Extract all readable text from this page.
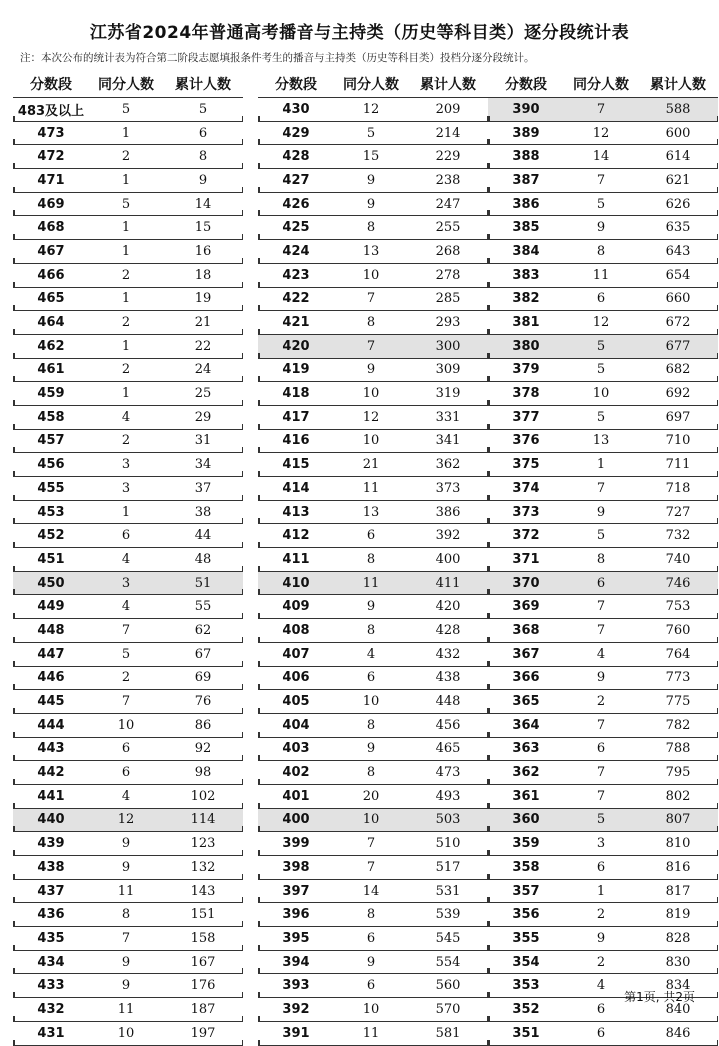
江苏省2024年普通高考播音与主持类（历史等科目类）逐分段统计表
注：本次公布的统计表为符合第二阶段志愿填报条件考生的播音与主持类（历史等科目类）投档分逐分段统计。
分数段	同分人数	累计人数
483及以上	5	5
473	1	6
472	2	8
471	1	9
469	5	14
468	1	15
467	1	16
466	2	18
465	1	19
464	2	21
462	1	22
461	2	24
459	1	25
458	4	29
457	2	31
456	3	34
455	3	37
453	1	38
452	6	44
451	4	48
450	3	51
449	4	55
448	7	62
447	5	67
446	2	69
445	7	76
444	10	86
443	6	92
442	6	98
441	4	102
440	12	114
439	9	123
438	9	132
437	11	143
436	8	151
435	7	158
434	9	167
433	9	176
432	11	187
431	10	197
分数段	同分人数	累计人数
430	12	209
429	5	214
428	15	229
427	9	238
426	9	247
425	8	255
424	13	268
423	10	278
422	7	285
421	8	293
420	7	300
419	9	309
418	10	319
417	12	331
416	10	341
415	21	362
414	11	373
413	13	386
412	6	392
411	8	400
410	11	411
409	9	420
408	8	428
407	4	432
406	6	438
405	10	448
404	8	456
403	9	465
402	8	473
401	20	493
400	10	503
399	7	510
398	7	517
397	14	531
396	8	539
395	6	545
394	9	554
393	6	560
392	10	570
391	11	581
分数段	同分人数	累计人数
390	7	588
389	12	600
388	14	614
387	7	621
386	5	626
385	9	635
384	8	643
383	11	654
382	6	660
381	12	672
380	5	677
379	5	682
378	10	692
377	5	697
376	13	710
375	1	711
374	7	718
373	9	727
372	5	732
371	8	740
370	6	746
369	7	753
368	7	760
367	4	764
366	9	773
365	2	775
364	7	782
363	6	788
362	7	795
361	7	802
360	5	807
359	3	810
358	6	816
357	1	817
356	2	819
355	9	828
354	2	830
353	4	834
352	6	840
351	6	846
第1页, 共2页
